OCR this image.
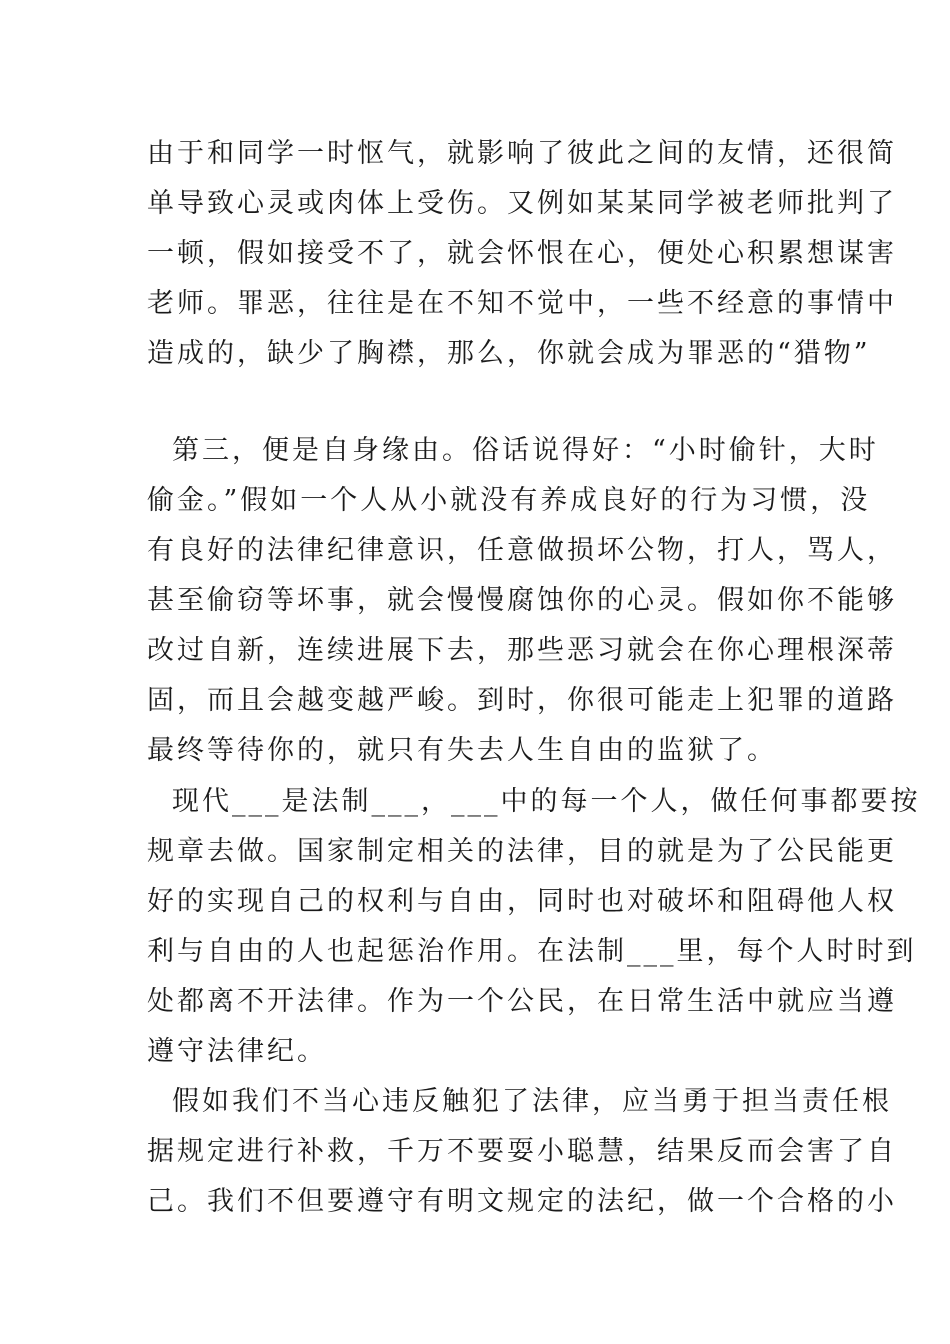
由于和同学一时怄气，就影响了彼此之间的友情，还很简
单导致心灵或肉体上受伤。又例如某某同学被老师批判了
一顿，假如接受不了，就会怀恨在心，便处心积累想谋害
老师。罪恶，往往是在不知不觉中，一些不经意的事情中
造成的，缺少了胸襟，那么，你就会成为罪恶的“猎物”
第三，便是自身缘由。俗话说得好：“小时偷针，大时
偷金。”假如一个人从小就没有养成良好的行为习惯，没
有良好的法律纪律意识，任意做损坏公物，打人，骂人，
甚至偷窃等坏事，就会慢慢腐蚀你的心灵。假如你不能够
改过自新，连续进展下去，那些恶习就会在你心理根深蒂
固，而且会越变越严峻。到时，你很可能走上犯罪的道路
最终等待你的，就只有失去人生自由的监狱了。
现代___是法制___，___中的每一个人，做任何事都要按
规章去做。国家制定相关的法律，目的就是为了公民能更
好的实现自己的权利与自由，同时也对破坏和阻碍他人权
利与自由的人也起惩治作用。在法制___里，每个人时时到
处都离不开法律。作为一个公民，在日常生活中就应当遵
遵守法律纪。
假如我们不当心违反触犯了法律，应当勇于担当责任根
据规定进行补救，千万不要耍小聪慧，结果反而会害了自
己。我们不但要遵守有明文规定的法纪，做一个合格的小
